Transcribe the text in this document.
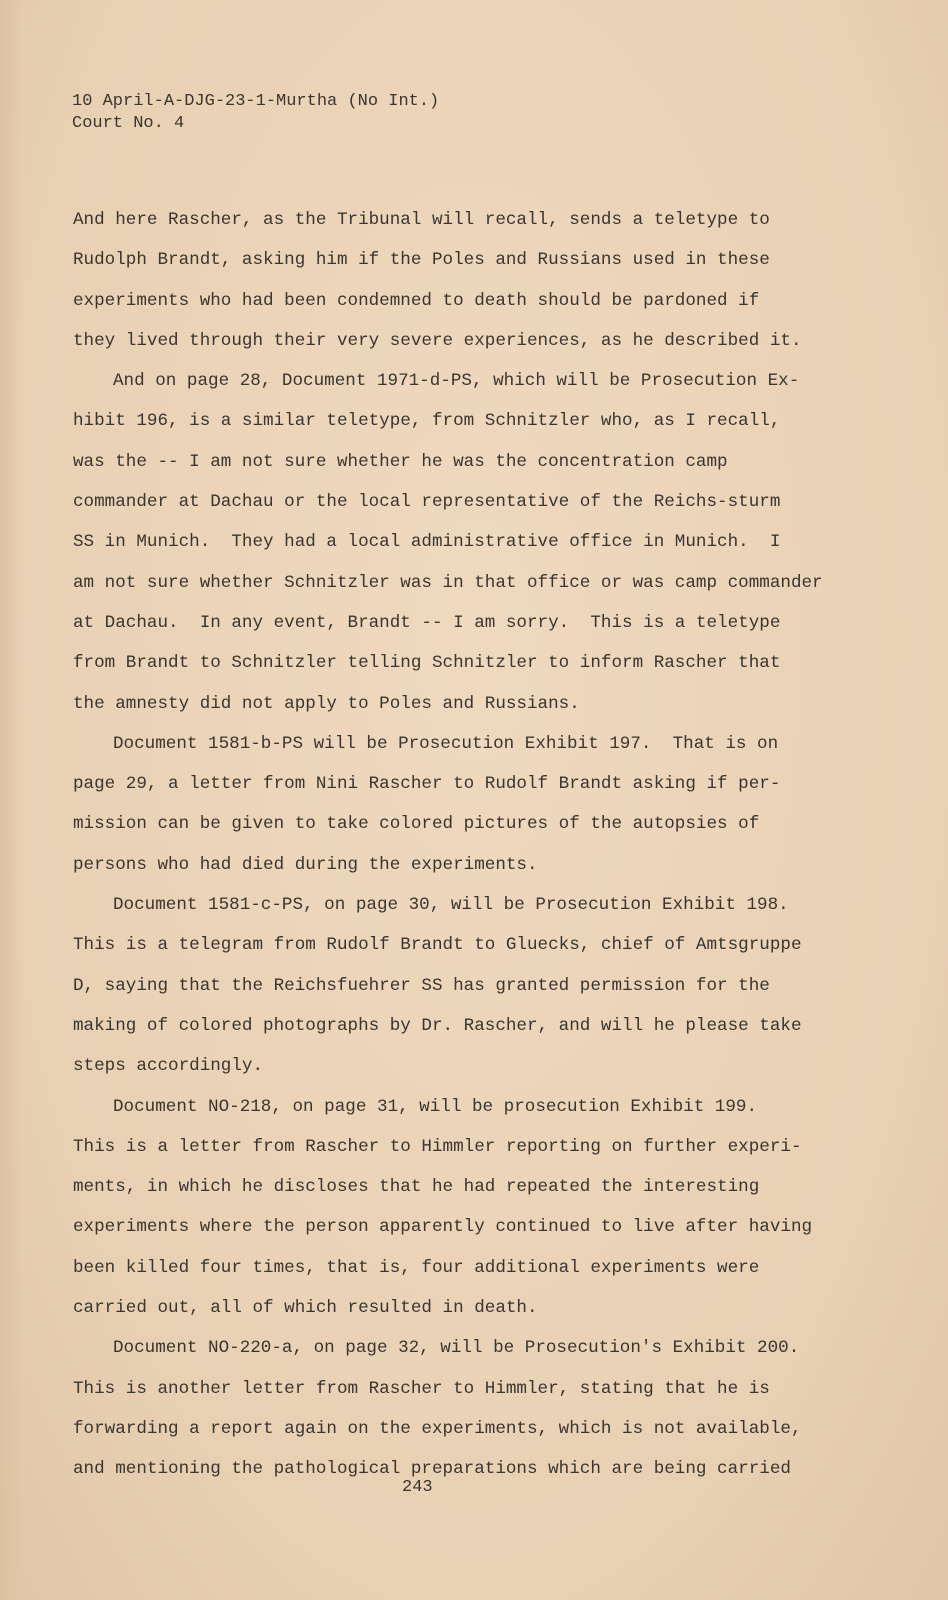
10 April-A-DJG-23-1-Murtha (No Int.)
Court No. 4
And here Rascher, as the Tribunal will recall, sends a teletype to
Rudolph Brandt, asking him if the Poles and Russians used in these
experiments who had been condemned to death should be pardoned if
they lived through their very severe experiences, as he described it.
And on page 28, Document 1971-d-PS, which will be Prosecution Ex-
hibit 196, is a similar teletype, from Schnitzler who, as I recall,
was the -- I am not sure whether he was the concentration camp
commander at Dachau or the local representative of the Reichs-sturm
SS in Munich.  They had a local administrative office in Munich.  I
am not sure whether Schnitzler was in that office or was camp commander
at Dachau.  In any event, Brandt -- I am sorry.  This is a teletype
from Brandt to Schnitzler telling Schnitzler to inform Rascher that
the amnesty did not apply to Poles and Russians.
Document 1581-b-PS will be Prosecution Exhibit 197.  That is on
page 29, a letter from Nini Rascher to Rudolf Brandt asking if per-
mission can be given to take colored pictures of the autopsies of
persons who had died during the experiments.
Document 1581-c-PS, on page 30, will be Prosecution Exhibit 198.
This is a telegram from Rudolf Brandt to Gluecks, chief of Amtsgruppe
D, saying that the Reichsfuehrer SS has granted permission for the
making of colored photographs by Dr. Rascher, and will he please take
steps accordingly.
Document NO-218, on page 31, will be prosecution Exhibit 199.
This is a letter from Rascher to Himmler reporting on further experi-
ments, in which he discloses that he had repeated the interesting
experiments where the person apparently continued to live after having
been killed four times, that is, four additional experiments were
carried out, all of which resulted in death.
Document NO-220-a, on page 32, will be Prosecution's Exhibit 200.
This is another letter from Rascher to Himmler, stating that he is
forwarding a report again on the experiments, which is not available,
and mentioning the pathological preparations which are being carried
243
